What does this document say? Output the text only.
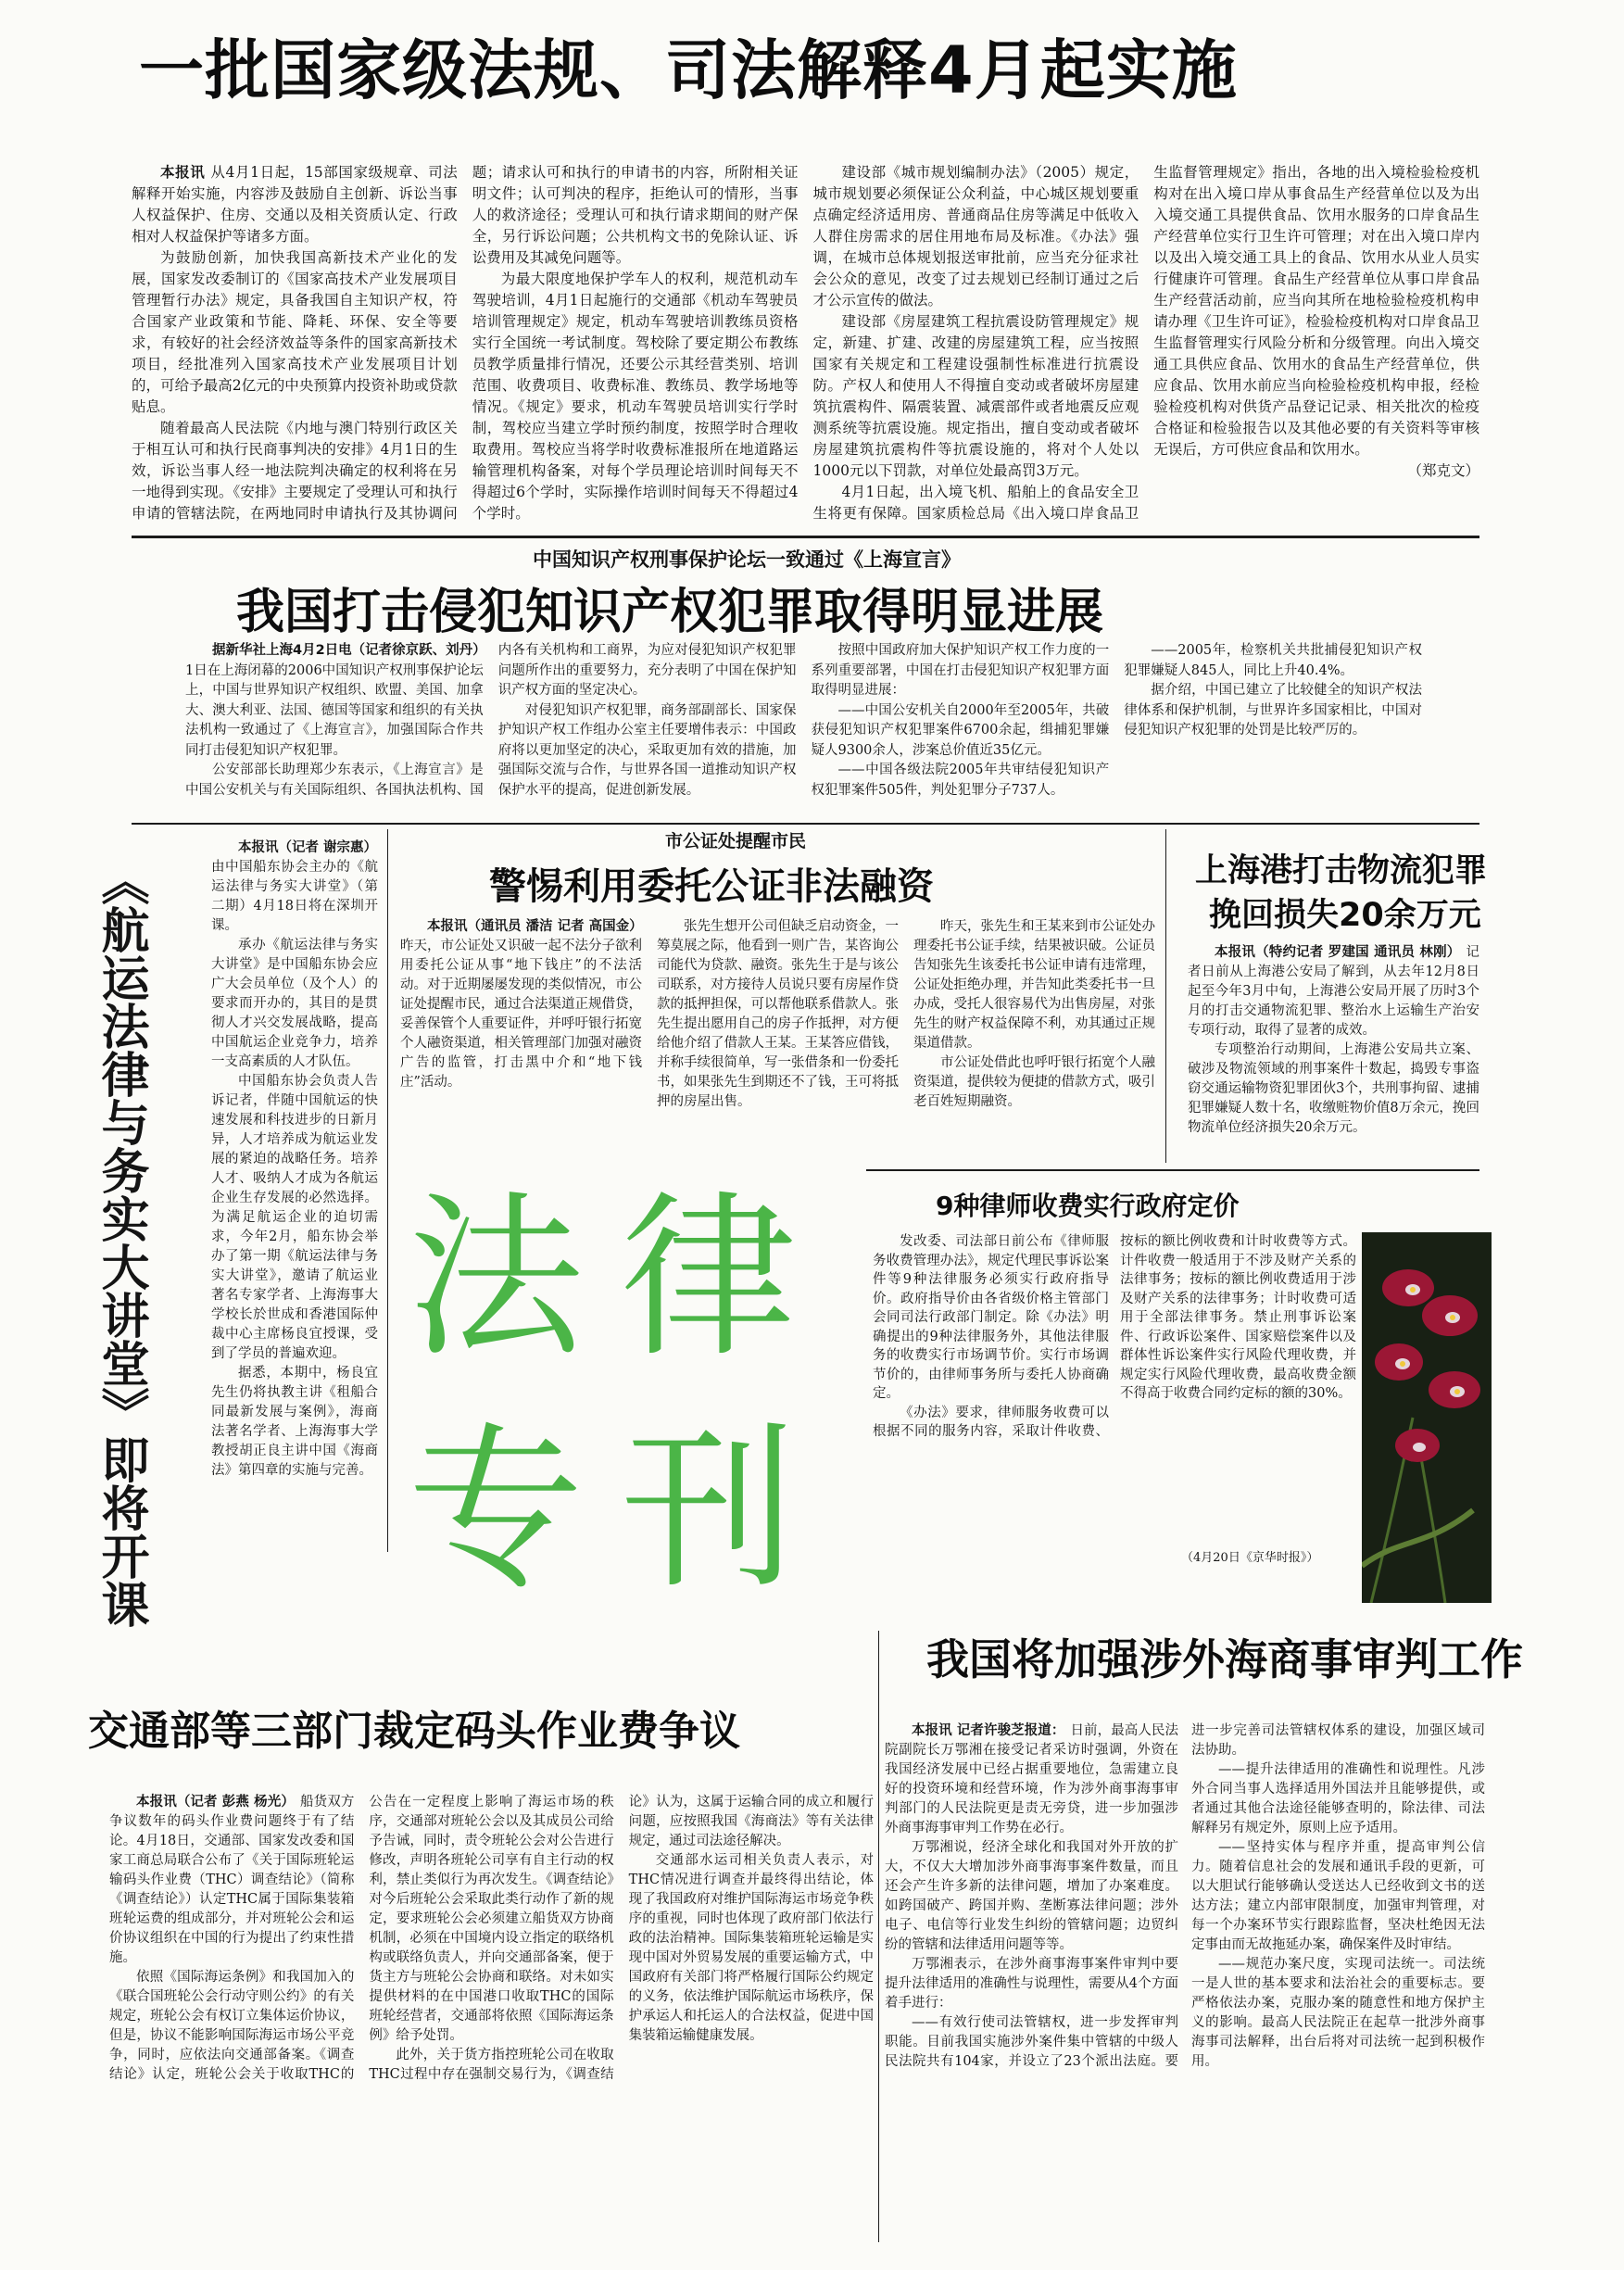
一批国家级法规、司法解释4月起实施

本报讯 从4月1日起，15部国家级规章、司法解释开始实施，内容涉及鼓励自主创新、诉讼当事人权益保护、住房、交通以及相关资质认定、行政相对人权益保护等诸多方面。

为鼓励创新，加快我国高新技术产业化的发展，国家发改委制订的《国家高技术产业发展项目管理暂行办法》规定，具备我国自主知识产权，符合国家产业政策和节能、降耗、环保、安全等要求，有较好的社会经济效益等条件的国家高新技术项目，经批准列入国家高技术产业发展项目计划的，可给予最高2亿元的中央预算内投资补助或贷款贴息。

随着最高人民法院《内地与澳门特别行政区关于相互认可和执行民商事判决的安排》4月1日的生效，诉讼当事人经一地法院判决确定的权利将在另一地得到实现。《安排》主要规定了受理认可和执行申请的管辖法院，在两地同时申请执行及其协调问题；请求认可和执行的申请书的内容，所附相关证明文件；认可判决的程序，拒绝认可的情形，当事人的救济途径；受理认可和执行请求期间的财产保全，另行诉讼问题；公共机构文书的免除认证、诉讼费用及其减免问题等。

为最大限度地保护学车人的权利，规范机动车驾驶培训，4月1日起施行的交通部《机动车驾驶员培训管理规定》规定，机动车驾驶培训教练员资格实行全国统一考试制度。驾校除了要定期公布教练员教学质量排行情况，还要公示其经营类别、培训范围、收费项目、收费标准、教练员、教学场地等情况。《规定》要求，机动车驾驶员培训实行学时制，驾校应当建立学时预约制度，按照学时合理收取费用。驾校应当将学时收费标准报所在地道路运输管理机构备案，对每个学员理论培训时间每天不得超过6个学时，实际操作培训时间每天不得超过4个学时。

建设部《城市规划编制办法》（2005）规定，城市规划要必须保证公众利益，中心城区规划要重点确定经济适用房、普通商品住房等满足中低收入人群住房需求的居住用地布局及标准。《办法》强调，在城市总体规划报送审批前，应当充分征求社会公众的意见，改变了过去规划已经制订通过之后才公示宣传的做法。

建设部《房屋建筑工程抗震设防管理规定》规定，新建、扩建、改建的房屋建筑工程，应当按照国家有关规定和工程建设强制性标准进行抗震设防。产权人和使用人不得擅自变动或者破坏房屋建筑抗震构件、隔震装置、减震部件或者地震反应观测系统等抗震设施。规定指出，擅自变动或者破坏房屋建筑抗震构件等抗震设施的，将对个人处以1000元以下罚款，对单位处最高罚3万元。

4月1日起，出入境飞机、船舶上的食品安全卫生将更有保障。国家质检总局《出入境口岸食品卫生监督管理规定》指出，各地的出入境检验检疫机构对在出入境口岸从事食品生产经营单位以及为出入境交通工具提供食品、饮用水服务的口岸食品生产经营单位实行卫生许可管理；对在出入境口岸内以及出入境交通工具上的食品、饮用水从业人员实行健康许可管理。食品生产经营单位从事口岸食品生产经营活动前，应当向其所在地检验检疫机构申请办理《卫生许可证》，检验检疫机构对口岸食品卫生监督管理实行风险分析和分级管理。向出入境交通工具供应食品、饮用水的食品生产经营单位，供应食品、饮用水前应当向检验检疫机构申报，经检验检疫机构对供货产品登记记录、相关批次的检疫合格证和检验报告以及其他必要的有关资料等审核无误后，方可供应食品和饮用水。

（郑克文）

中国知识产权刑事保护论坛一致通过《上海宣言》
我国打击侵犯知识产权犯罪取得明显进展

据新华社上海4月2日电（记者徐京跃、刘丹）1日在上海闭幕的2006中国知识产权刑事保护论坛上，中国与世界知识产权组织、欧盟、美国、加拿大、澳大利亚、法国、德国等国家和组织的有关执法机构一致通过了《上海宣言》，加强国际合作共同打击侵犯知识产权犯罪。

公安部部长助理郑少东表示，《上海宣言》是中国公安机关与有关国际组织、各国执法机构、国内各有关机构和工商界，为应对侵犯知识产权犯罪问题所作出的重要努力，充分表明了中国在保护知识产权方面的坚定决心。

对侵犯知识产权犯罪，商务部副部长、国家保护知识产权工作组办公室主任要增伟表示：中国政府将以更加坚定的决心，采取更加有效的措施，加强国际交流与合作，与世界各国一道推动知识产权保护水平的提高，促进创新发展。

按照中国政府加大保护知识产权工作力度的一系列重要部署，中国在打击侵犯知识产权犯罪方面取得明显进展：

——中国公安机关自2000年至2005年，共破获侵犯知识产权犯罪案件6700余起，缉捕犯罪嫌疑人9300余人，涉案总价值近35亿元。

——中国各级法院2005年共审结侵犯知识产权犯罪案件505件，判处犯罪分子737人。

——2005年，检察机关共批捕侵犯知识产权犯罪嫌疑人845人，同比上升40.4%。

据介绍，中国已建立了比较健全的知识产权法律体系和保护机制，与世界许多国家相比，中国对侵犯知识产权犯罪的处罚是比较严厉的。

《航运法律与务实大讲堂》即将开课

本报讯（记者 谢宗惠）由中国船东协会主办的《航运法律与务实大讲堂》（第二期）4月18日将在深圳开课。

承办《航运法律与务实大讲堂》是中国船东协会应广大会员单位（及个人）的要求而开办的，其目的是贯彻人才兴交发展战略，提高中国航运企业竞争力，培养一支高素质的人才队伍。

中国船东协会负责人告诉记者，伴随中国航运的快速发展和科技进步的日新月异，人才培养成为航运业发展的紧迫的战略任务。培养人才、吸纳人才成为各航运企业生存发展的必然选择。为满足航运企业的迫切需求，今年2月，船东协会举办了第一期《航运法律与务实大讲堂》，邀请了航运业著名专家学者、上海海事大学校长於世成和香港国际仲裁中心主席杨良宜授课，受到了学员的普遍欢迎。

据悉，本期中，杨良宜先生仍将执教主讲《租船合同最新发展与案例》，海商法著名学者、上海海事大学教授胡正良主讲中国《海商法》第四章的实施与完善。

市公证处提醒市民
警惕利用委托公证非法融资

本报讯（通讯员 潘洁 记者 高国金）昨天，市公证处又识破一起不法分子欲利用委托公证从事“地下钱庄”的不法活动。对于近期屡屡发现的类似情况，市公证处提醒市民，通过合法渠道正规借贷，妥善保管个人重要证件，并呼吁银行拓宽个人融资渠道，相关管理部门加强对融资广告的监管，打击黑中介和“地下钱庄”活动。

张先生想开公司但缺乏启动资金，一筹莫展之际，他看到一则广告，某咨询公司能代为贷款、融资。张先生于是与该公司联系，对方接待人员说只要有房屋作贷款的抵押担保，可以帮他联系借款人。张先生提出愿用自己的房子作抵押，对方便给他介绍了借款人王某。王某答应借钱，并称手续很简单，写一张借条和一份委托书，如果张先生到期还不了钱，王可将抵押的房屋出售。

昨天，张先生和王某来到市公证处办理委托书公证手续，结果被识破。公证员告知张先生该委托书公证申请有违常理，公证处拒绝办理，并告知此类委托书一旦办成，受托人很容易代为出售房屋，对张先生的财产权益保障不利，劝其通过正规渠道借款。

市公证处借此也呼吁银行拓宽个人融资渠道，提供较为便捷的借款方式，吸引老百姓短期融资。

上海港打击物流犯罪
挽回损失20余万元

本报讯（特约记者 罗建国 通讯员 林刚） 记者日前从上海港公安局了解到，从去年12月8日起至今年3月中旬，上海港公安局开展了历时3个月的打击交通物流犯罪、整治水上运输生产治安专项行动，取得了显著的成效。

专项整治行动期间，上海港公安局共立案、破涉及物流领域的刑事案件十数起，捣毁专事盗窃交通运输物资犯罪团伙3个，共刑事拘留、逮捕犯罪嫌疑人数十名，收缴赃物价值8万余元，挽回物流单位经济损失20余万元。

法 律
专 刊
9种律师收费实行政府定价

发改委、司法部日前公布《律师服务收费管理办法》，规定代理民事诉讼案件等9种法律服务必须实行政府指导价。政府指导价由各省级价格主管部门会同司法行政部门制定。除《办法》明确提出的9种法律服务外，其他法律服务的收费实行市场调节价。实行市场调节价的，由律师事务所与委托人协商确定。

《办法》要求，律师服务收费可以根据不同的服务内容，采取计件收费、按标的额比例收费和计时收费等方式。计件收费一般适用于不涉及财产关系的法律事务；按标的额比例收费适用于涉及财产关系的法律事务；计时收费可适用于全部法律事务。禁止刑事诉讼案件、行政诉讼案件、国家赔偿案件以及群体性诉讼案件实行风险代理收费，并规定实行风险代理收费，最高收费金额不得高于收费合同约定标的额的30%。

（4月20日《京华时报》）
我国将加强涉外海商事审判工作

本报讯 记者许骏芝报道： 日前，最高人民法院副院长万鄂湘在接受记者采访时强调，外资在我国经济发展中已经占据重要地位，急需建立良好的投资环境和经营环境，作为涉外商事海事审判部门的人民法院更是责无旁贷，进一步加强涉外商事海事审判工作势在必行。

万鄂湘说，经济全球化和我国对外开放的扩大，不仅大大增加涉外商事海事案件数量，而且还会产生许多新的法律问题，增加了办案难度。如跨国破产、跨国并购、垄断寡法律问题；涉外电子、电信等行业发生纠纷的管辖问题；边贸纠纷的管辖和法律适用问题等等。

万鄂湘表示，在涉外商事海事案件审判中要提升法律适用的准确性与说理性，需要从4个方面着手进行：

——有效行使司法管辖权，进一步发挥审判职能。目前我国实施涉外案件集中管辖的中级人民法院共有104家，并设立了23个派出法庭。要进一步完善司法管辖权体系的建设，加强区域司法协助。

——提升法律适用的准确性和说理性。凡涉外合同当事人选择适用外国法并且能够提供，或者通过其他合法途径能够查明的，除法律、司法解释另有规定外，原则上应予适用。

——坚持实体与程序并重，提高审判公信力。随着信息社会的发展和通讯手段的更新，可以大胆试行能够确认受送达人已经收到文书的送达方法；建立内部审限制度，加强审判管理，对每一个办案环节实行跟踪监督，坚决杜绝因无法定事由而无故拖延办案，确保案件及时审结。

——规范办案尺度，实现司法统一。司法统一是人世的基本要求和法治社会的重要标志。要严格依法办案，克服办案的随意性和地方保护主义的影响。最高人民法院正在起草一批涉外商事海事司法解释，出台后将对司法统一起到积极作用。

交通部等三部门裁定码头作业费争议

本报讯（记者 彭燕 杨光） 船货双方争议数年的码头作业费问题终于有了结论。4月18日，交通部、国家发改委和国家工商总局联合公布了《关于国际班轮运输码头作业费（THC）调查结论》（简称《调查结论》）认定THC属于国际集装箱班轮运费的组成部分，并对班轮公会和运价协议组织在中国的行为提出了约束性措施。

依照《国际海运条例》和我国加入的《联合国班轮公会行动守则公约》的有关规定，班轮公会有权订立集体运价协议，但是，协议不能影响国际海运市场公平竞争，同时，应依法向交通部备案。《调查结论》认定，班轮公会关于收取THC的公告在一定程度上影响了海运市场的秩序，交通部对班轮公会以及其成员公司给予告诫，同时，责令班轮公会对公告进行修改，声明各班轮公司享有自主行动的权利，禁止类似行为再次发生。《调查结论》对今后班轮公会采取此类行动作了新的规定，要求班轮公会必须建立船货双方协商机制，必须在中国境内设立指定的联络机构或联络负责人，并向交通部备案，便于货主方与班轮公会协商和联络。对未如实提供材料的在中国港口收取THC的国际班轮经营者，交通部将依照《国际海运条例》给予处罚。

此外，关于货方指控班轮公司在收取THC过程中存在强制交易行为，《调查结论》认为，这属于运输合同的成立和履行问题，应按照我国《海商法》等有关法律规定，通过司法途径解决。

交通部水运司相关负责人表示，对THC情况进行调查并最终得出结论，体现了我国政府对维护国际海运市场竞争秩序的重视，同时也体现了政府部门依法行政的法治精神。国际集装箱班轮运输是实现中国对外贸易发展的重要运输方式，中国政府有关部门将严格履行国际公约规定的义务，依法维护国际航运市场秩序，保护承运人和托运人的合法权益，促进中国集装箱运输健康发展。
